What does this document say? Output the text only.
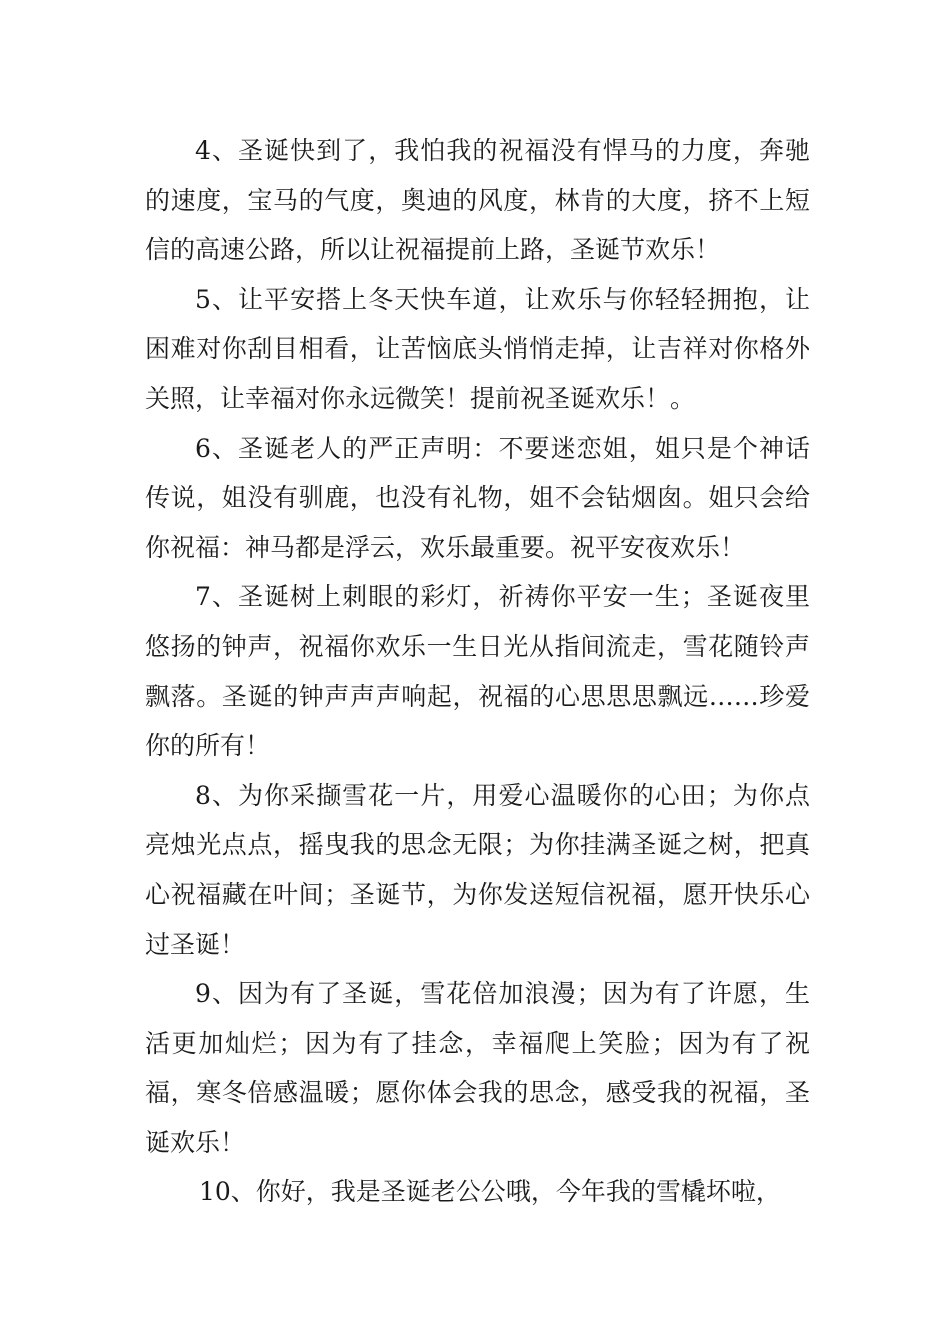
4、圣诞快到了，我怕我的祝福没有悍马的力度，奔驰的速度，宝马的气度，奥迪的风度，林肯的大度，挤不上短信的高速公路，所以让祝福提前上路，圣诞节欢乐！

5、让平安搭上冬天快车道，让欢乐与你轻轻拥抱，让困难对你刮目相看，让苦恼底头悄悄走掉，让吉祥对你格外关照，让幸福对你永远微笑！提前祝圣诞欢乐！。

6、圣诞老人的严正声明：不要迷恋姐，姐只是个神话传说，姐没有驯鹿，也没有礼物，姐不会钻烟囱。姐只会给你祝福：神马都是浮云，欢乐最重要。祝平安夜欢乐！

7、圣诞树上刺眼的彩灯，祈祷你平安一生；圣诞夜里悠扬的钟声，祝福你欢乐一生日光从指间流走，雪花随铃声飘落。圣诞的钟声声声响起，祝福的心思思思飘远……珍爱你的所有！

8、为你采撷雪花一片，用爱心温暖你的心田；为你点亮烛光点点，摇曳我的思念无限；为你挂满圣诞之树，把真心祝福藏在叶间；圣诞节，为你发送短信祝福，愿开快乐心过圣诞！

9、因为有了圣诞，雪花倍加浪漫；因为有了许愿，生活更加灿烂；因为有了挂念，幸福爬上笑脸；因为有了祝福，寒冬倍感温暖；愿你体会我的思念，感受我的祝福，圣诞欢乐！

10、你好，我是圣诞老公公哦，今年我的雪橇坏啦，
